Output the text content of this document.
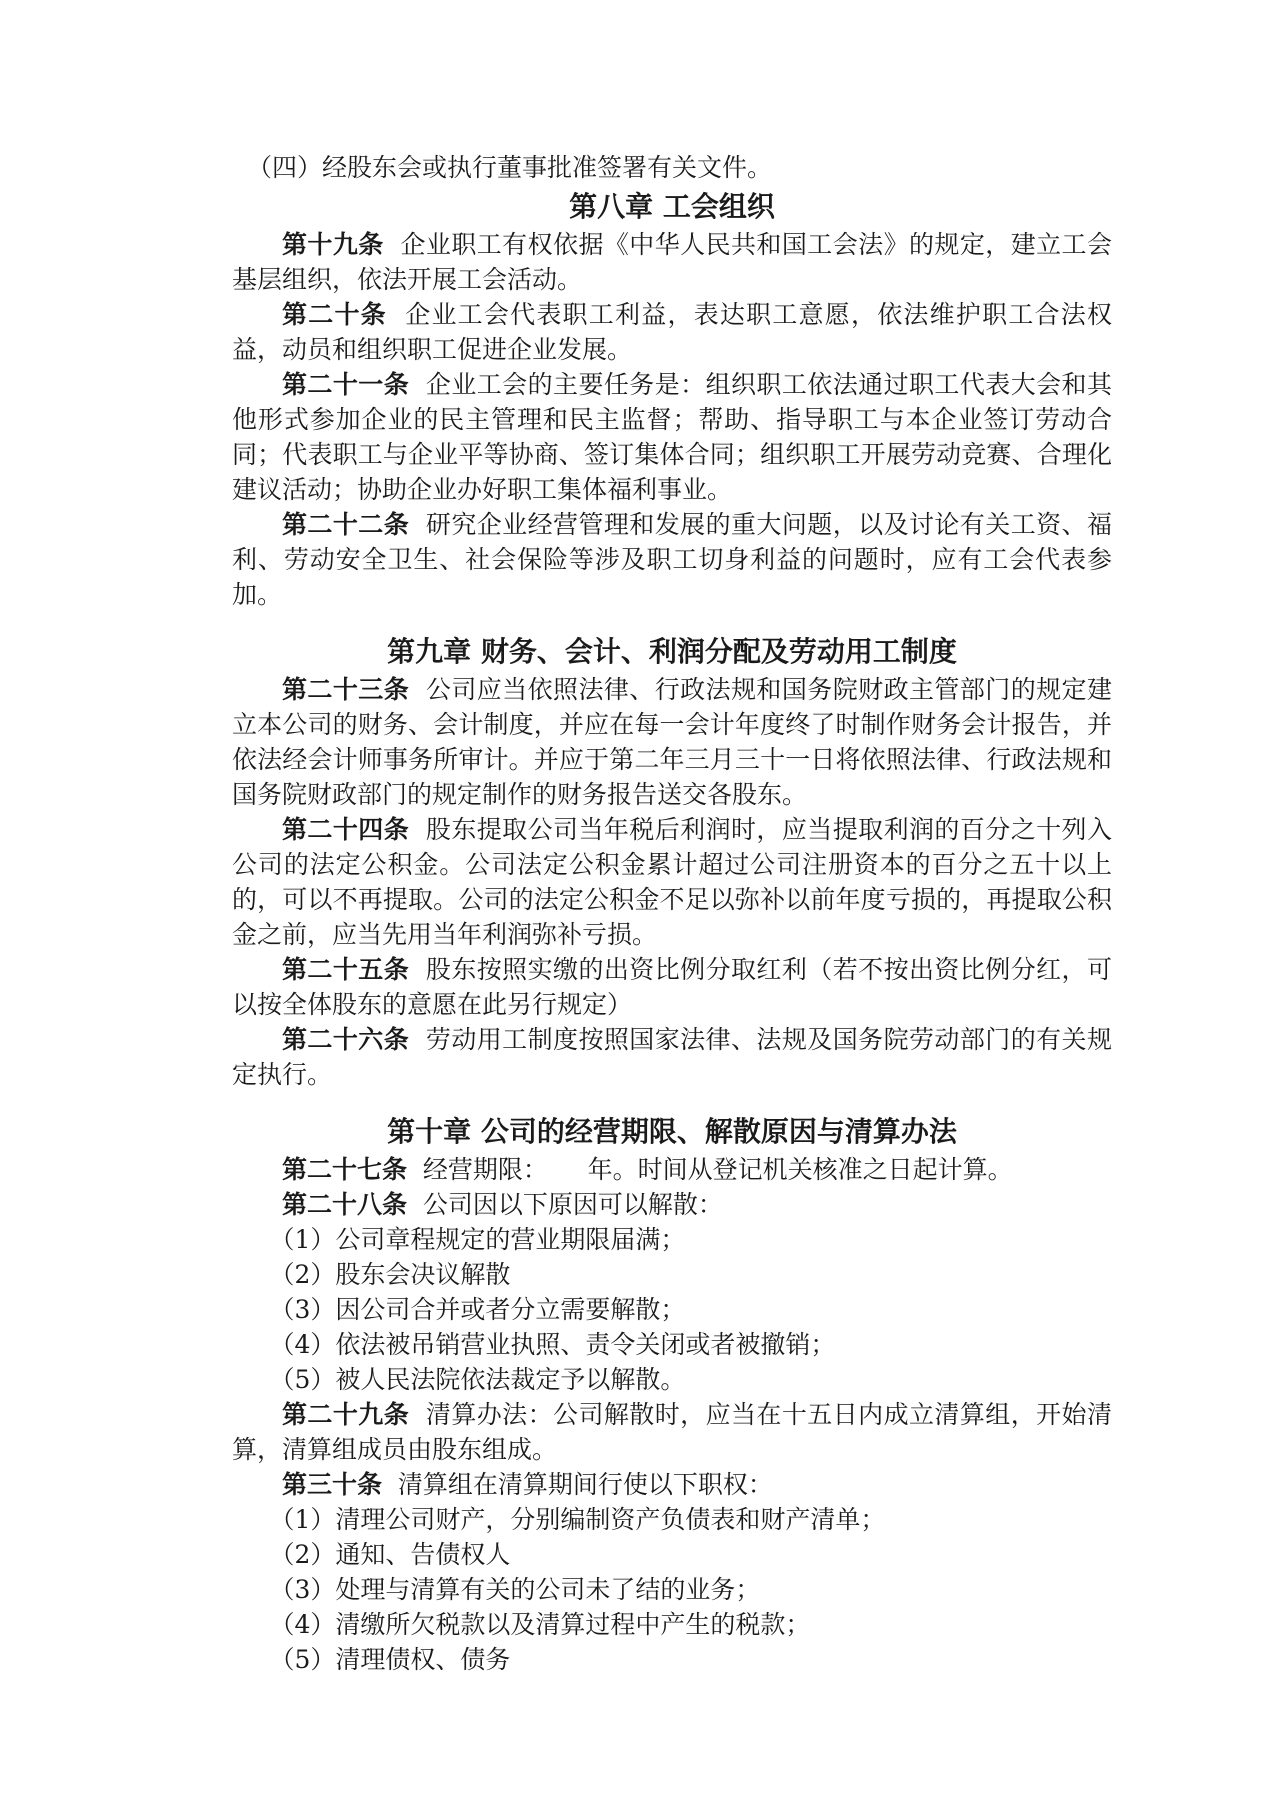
（四）经股东会或执行董事批准签署有关文件。

第八章 工会组织

第十九条 企业职工有权依据《中华人民共和国工会法》的规定，建立工会基层组织，依法开展工会活动。

第二十条 企业工会代表职工利益，表达职工意愿，依法维护职工合法权益，动员和组织职工促进企业发展。

第二十一条 企业工会的主要任务是：组织职工依法通过职工代表大会和其他形式参加企业的民主管理和民主监督；帮助、指导职工与本企业签订劳动合同；代表职工与企业平等协商、签订集体合同；组织职工开展劳动竞赛、合理化建议活动；协助企业办好职工集体福利事业。

第二十二条 研究企业经营管理和发展的重大问题，以及讨论有关工资、福利、劳动安全卫生、社会保险等涉及职工切身利益的问题时，应有工会代表参加。

第九章 财务、会计、利润分配及劳动用工制度

第二十三条 公司应当依照法律、行政法规和国务院财政主管部门的规定建立本公司的财务、会计制度，并应在每一会计年度终了时制作财务会计报告，并依法经会计师事务所审计。并应于第二年三月三十一日将依照法律、行政法规和国务院财政部门的规定制作的财务报告送交各股东。

第二十四条 股东提取公司当年税后利润时，应当提取利润的百分之十列入公司的法定公积金。公司法定公积金累计超过公司注册资本的百分之五十以上的，可以不再提取。公司的法定公积金不足以弥补以前年度亏损的，再提取公积金之前，应当先用当年利润弥补亏损。

第二十五条 股东按照实缴的出资比例分取红利（若不按出资比例分红，可以按全体股东的意愿在此另行规定）

第二十六条 劳动用工制度按照国家法律、法规及国务院劳动部门的有关规定执行。

第十章 公司的经营期限、解散原因与清算办法

第二十七条 经营期限：     年。时间从登记机关核准之日起计算。

第二十八条 公司因以下原因可以解散：

（1）公司章程规定的营业期限届满；

（2）股东会决议解散

（3）因公司合并或者分立需要解散；

（4）依法被吊销营业执照、责令关闭或者被撤销；

（5）被人民法院依法裁定予以解散。

第二十九条 清算办法：公司解散时，应当在十五日内成立清算组，开始清算，清算组成员由股东组成。

第三十条 清算组在清算期间行使以下职权：

（1）清理公司财产，分别编制资产负债表和财产清单；

（2）通知、告债权人

（3）处理与清算有关的公司未了结的业务；

（4）清缴所欠税款以及清算过程中产生的税款；

（5）清理债权、债务
